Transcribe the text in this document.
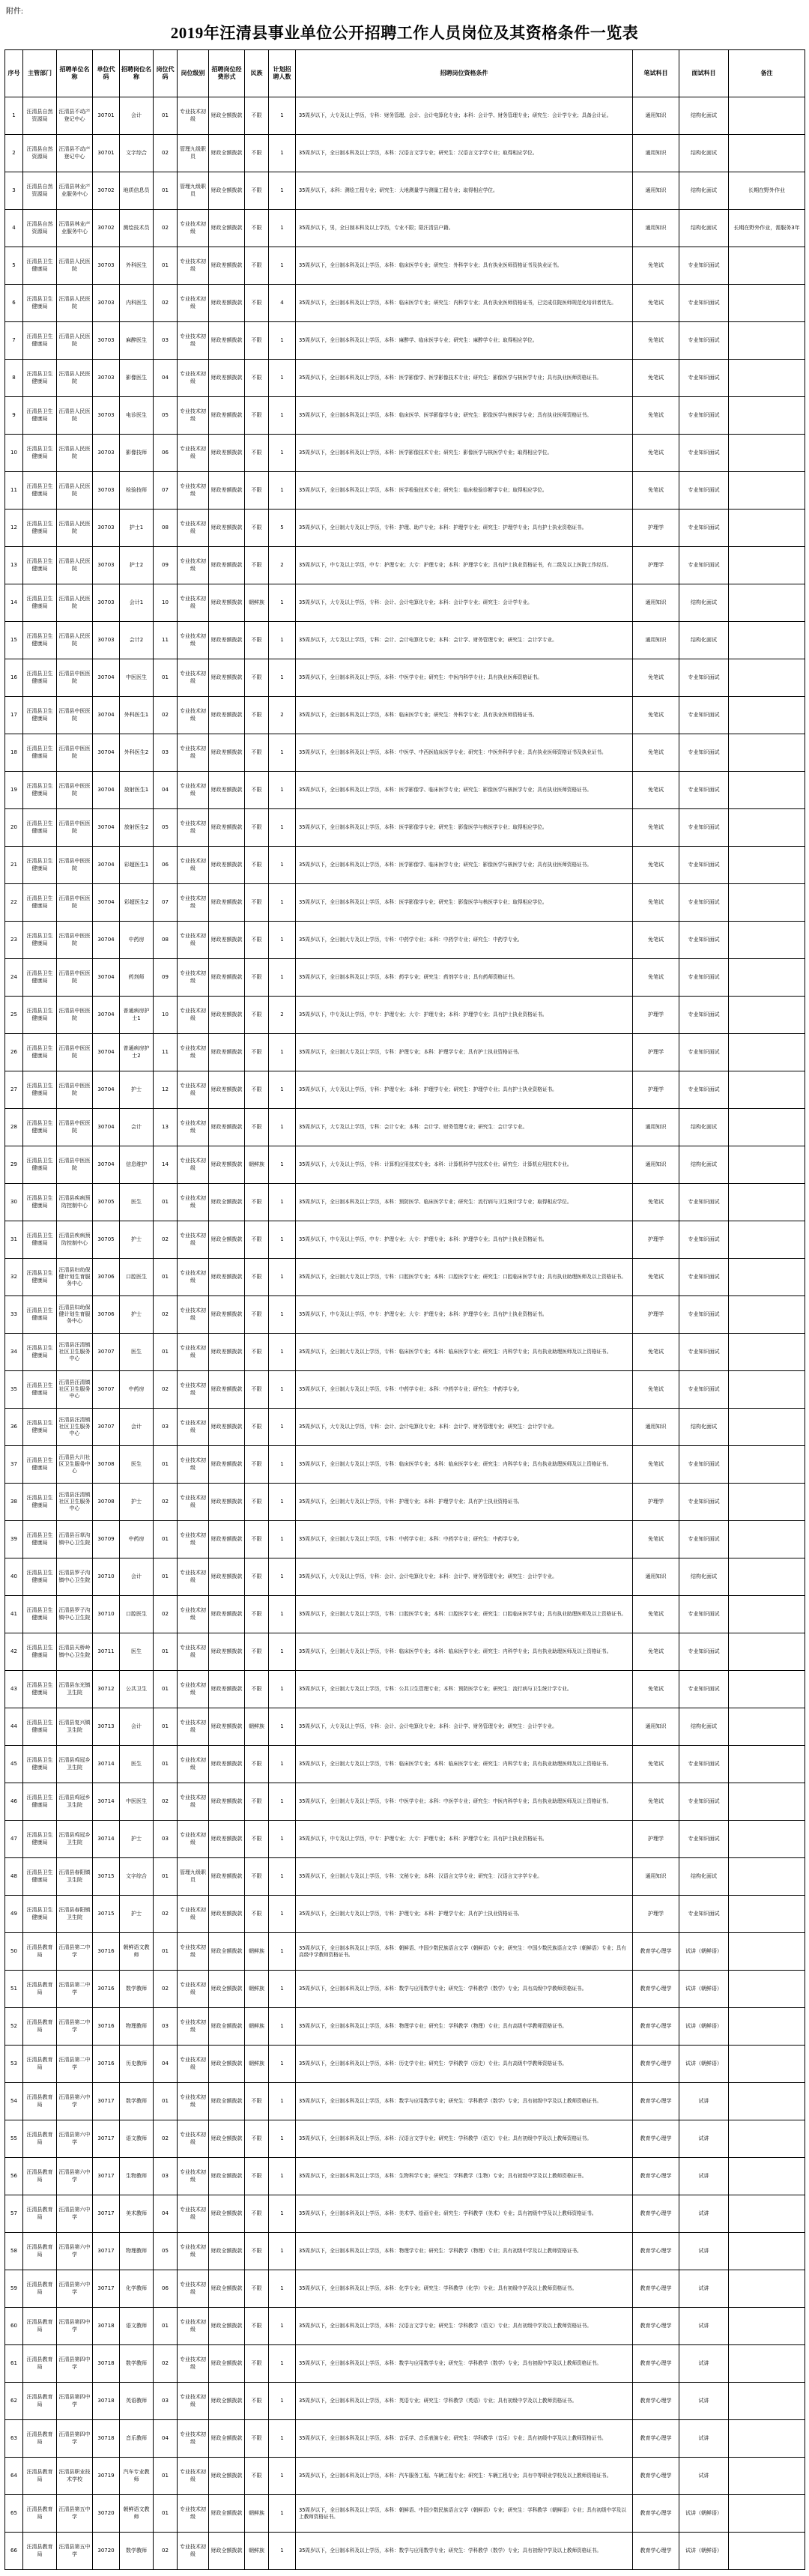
附件:
2019年汪清县事业单位公开招聘工作人员岗位及其资格条件一览表
序号	主管部门	招聘单位名称	单位代码	招聘岗位名称	岗位代码	岗位级别	招聘岗位经费形式	民族	计划招聘人数	招聘岗位资格条件	笔试科目	面试科目	备注
1	汪清县自然资源局	汪清县不动产登记中心	30701	会计	01	专业技术初级	财政全额拨款	不限	1	35周岁以下，大专及以上学历，专科：财务管理、会计、会计电算化专业；本科：会计学、财务管理专业；研究生：会计学专业；具备会计证。	通用知识	结构化面试	
2	汪清县自然资源局	汪清县不动产登记中心	30701	文字综合	02	管理九级职员	财政全额拨款	不限	1	35周岁以下，全日制本科及以上学历，本科：汉语言文学专业；研究生：汉语言文字学专业；取得相应学位。	通用知识	结构化面试	
3	汪清县自然资源局	汪清县林业产业服务中心	30702	地质信息员	01	管理九级职员	财政全额拨款	不限	1	35周岁以下，本科：测绘工程专业；研究生：大地测量学与测量工程专业；取得相应学位。	通用知识	结构化面试	长期在野外作业
4	汪清县自然资源局	汪清县林业产业服务中心	30702	测绘技术员	02	专业技术初级	财政全额拨款	不限	1	35周岁以下，男，全日制本科及以上学历，专业不限；限汪清县户籍。	通用知识	结构化面试	长期在野外作业，需服务3年
5	汪清县卫生健康局	汪清县人民医院	30703	外科医生	01	专业技术初级	财政差额拨款	不限	1	35周岁以下，全日制本科及以上学历，本科：临床医学专业；研究生：外科学专业；具有执业医师资格证书及执业证书。	免笔试	专业知识面试	
6	汪清县卫生健康局	汪清县人民医院	30703	内科医生	02	专业技术初级	财政差额拨款	不限	4	35周岁以下，全日制本科及以上学历，本科：临床医学专业；研究生：内科学专业；具有执业医师资格证书，已完成住院医师规范化培训者优先。	免笔试	专业知识面试	
7	汪清县卫生健康局	汪清县人民医院	30703	麻醉医生	03	专业技术初级	财政差额拨款	不限	1	35周岁以下，全日制本科及以上学历，本科：麻醉学、临床医学专业；研究生：麻醉学专业；取得相应学位。	免笔试	专业知识面试	
8	汪清县卫生健康局	汪清县人民医院	30703	影像医生	04	专业技术初级	财政差额拨款	不限	1	35周岁以下，全日制本科及以上学历，本科：医学影像学、医学影像技术专业；研究生：影像医学与核医学专业；具有执业医师资格证书。	免笔试	专业知识面试	
9	汪清县卫生健康局	汪清县人民医院	30703	电诊医生	05	专业技术初级	财政差额拨款	不限	1	35周岁以下，全日制本科及以上学历，本科：临床医学、医学影像学专业；研究生：影像医学与核医学专业；具有执业医师资格证书。	免笔试	专业知识面试	
10	汪清县卫生健康局	汪清县人民医院	30703	影像技师	06	专业技术初级	财政差额拨款	不限	1	35周岁以下，全日制本科及以上学历，本科：医学影像技术专业；研究生：影像医学与核医学专业；取得相应学位。	免笔试	专业知识面试	
11	汪清县卫生健康局	汪清县人民医院	30703	检验技师	07	专业技术初级	财政差额拨款	不限	1	35周岁以下，全日制本科及以上学历，本科：医学检验技术专业；研究生：临床检验诊断学专业；取得相应学位。	免笔试	专业知识面试	
12	汪清县卫生健康局	汪清县人民医院	30703	护士1	08	专业技术初级	财政差额拨款	不限	5	35周岁以下，全日制大专及以上学历，专科：护理、助产专业；本科：护理学专业；研究生：护理学专业；具有护士执业资格证书。	护理学	专业知识面试	
13	汪清县卫生健康局	汪清县人民医院	30703	护士2	09	专业技术初级	财政差额拨款	不限	2	35周岁以下，中专及以上学历，中专：护理专业；大专：护理专业；本科：护理学专业；具有护士执业资格证书，有二级及以上医院工作经历。	护理学	专业知识面试	
14	汪清县卫生健康局	汪清县人民医院	30703	会计1	10	专业技术初级	财政差额拨款	朝鲜族	1	35周岁以下，大专及以上学历，专科：会计、会计电算化专业；本科：会计学专业；研究生：会计学专业。	通用知识	结构化面试	
15	汪清县卫生健康局	汪清县人民医院	30703	会计2	11	专业技术初级	财政差额拨款	不限	1	35周岁以下，大专及以上学历，专科：会计、会计电算化专业；本科：会计学、财务管理专业；研究生：会计学专业。	通用知识	结构化面试	
16	汪清县卫生健康局	汪清县中医医院	30704	中医医生	01	专业技术初级	财政差额拨款	不限	1	35周岁以下，全日制本科及以上学历，本科：中医学专业；研究生：中医内科学专业；具有执业医师资格证书。	免笔试	专业知识面试	
17	汪清县卫生健康局	汪清县中医医院	30704	外科医生1	02	专业技术初级	财政差额拨款	不限	2	35周岁以下，全日制本科及以上学历，本科：临床医学专业；研究生：外科学专业；具有执业医师资格证书。	免笔试	专业知识面试	
18	汪清县卫生健康局	汪清县中医医院	30704	外科医生2	03	专业技术初级	财政差额拨款	不限	1	35周岁以下，全日制本科及以上学历，本科：中医学、中西医临床医学专业；研究生：中医外科学专业；具有执业医师资格证书及执业证书。	免笔试	专业知识面试	
19	汪清县卫生健康局	汪清县中医医院	30704	放射医生1	04	专业技术初级	财政差额拨款	不限	1	35周岁以下，全日制本科及以上学历，本科：医学影像学、临床医学专业；研究生：影像医学与核医学专业；具有执业医师资格证书。	免笔试	专业知识面试	
20	汪清县卫生健康局	汪清县中医医院	30704	放射医生2	05	专业技术初级	财政差额拨款	不限	1	35周岁以下，全日制本科及以上学历，本科：医学影像学专业；研究生：影像医学与核医学专业；取得相应学位。	免笔试	专业知识面试	
21	汪清县卫生健康局	汪清县中医医院	30704	彩超医生1	06	专业技术初级	财政差额拨款	不限	1	35周岁以下，全日制本科及以上学历，本科：医学影像学、临床医学专业；研究生：影像医学与核医学专业；具有执业医师资格证书。	免笔试	专业知识面试	
22	汪清县卫生健康局	汪清县中医医院	30704	彩超医生2	07	专业技术初级	财政差额拨款	不限	1	35周岁以下，全日制本科及以上学历，本科：医学影像学专业；研究生：影像医学与核医学专业；取得相应学位。	免笔试	专业知识面试	
23	汪清县卫生健康局	汪清县中医医院	30704	中药房	08	专业技术初级	财政差额拨款	不限	1	35周岁以下，全日制大专及以上学历，专科：中药学专业；本科：中药学专业；研究生：中药学专业。	免笔试	专业知识面试	
24	汪清县卫生健康局	汪清县中医医院	30704	药剂师	09	专业技术初级	财政差额拨款	不限	1	35周岁以下，全日制本科及以上学历，本科：药学专业；研究生：药剂学专业；具有药师资格证书。	免笔试	专业知识面试	
25	汪清县卫生健康局	汪清县中医医院	30704	普通病房护士1	10	专业技术初级	财政差额拨款	不限	2	35周岁以下，中专及以上学历，中专：护理专业；大专：护理专业；本科：护理学专业；具有护士执业资格证书。	护理学	专业知识面试	
26	汪清县卫生健康局	汪清县中医医院	30704	普通病房护士2	11	专业技术初级	财政差额拨款	不限	1	35周岁以下，全日制大专及以上学历，专科：护理专业；本科：护理学专业；具有护士执业资格证书。	护理学	专业知识面试	
27	汪清县卫生健康局	汪清县中医医院	30704	护士	12	专业技术初级	财政差额拨款	不限	1	35周岁以下，大专及以上学历，专科：护理专业；本科：护理学专业；研究生：护理学专业；具有护士执业资格证书。	护理学	专业知识面试	
28	汪清县卫生健康局	汪清县中医医院	30704	会计	13	专业技术初级	财政差额拨款	不限	1	35周岁以下，大专及以上学历，专科：会计专业；本科：会计学、财务管理专业；研究生：会计学专业。	通用知识	结构化面试	
29	汪清县卫生健康局	汪清县中医医院	30704	信息维护	14	专业技术初级	财政差额拨款	朝鲜族	1	35周岁以下，大专及以上学历，专科：计算机应用技术专业；本科：计算机科学与技术专业；研究生：计算机应用技术专业。	通用知识	结构化面试	
30	汪清县卫生健康局	汪清县疾病预防控制中心	30705	医生	01	专业技术初级	财政全额拨款	不限	1	35周岁以下，全日制本科及以上学历，本科：预防医学、临床医学专业；研究生：流行病与卫生统计学专业；取得相应学位。	免笔试	专业知识面试	
31	汪清县卫生健康局	汪清县疾病预防控制中心	30705	护士	02	专业技术初级	财政全额拨款	不限	1	35周岁以下，中专及以上学历，中专：护理专业；大专：护理专业；本科：护理学专业；具有护士执业资格证书。	护理学	专业知识面试	
32	汪清县卫生健康局	汪清县妇幼保健计划生育服务中心	30706	口腔医生	01	专业技术初级	财政差额拨款	不限	1	35周岁以下，全日制大专及以上学历，专科：口腔医学专业；本科：口腔医学专业；研究生：口腔临床医学专业；具有执业助理医师及以上资格证书。	免笔试	专业知识面试	
33	汪清县卫生健康局	汪清县妇幼保健计划生育服务中心	30706	护士	02	专业技术初级	财政差额拨款	不限	1	35周岁以下，中专及以上学历，中专：护理专业；大专：护理专业；本科：护理学专业；具有护士执业资格证书。	护理学	专业知识面试	
34	汪清县卫生健康局	汪清县汪清镇社区卫生服务中心	30707	医生	01	专业技术初级	财政差额拨款	不限	1	35周岁以下，全日制大专及以上学历，专科：临床医学专业；本科：临床医学专业；研究生：内科学专业；具有执业助理医师及以上资格证书。	免笔试	专业知识面试	
35	汪清县卫生健康局	汪清县汪清镇社区卫生服务中心	30707	中药房	02	专业技术初级	财政差额拨款	不限	1	35周岁以下，全日制大专及以上学历，专科：中药学专业；本科：中药学专业；研究生：中药学专业。	免笔试	专业知识面试	
36	汪清县卫生健康局	汪清县汪清镇社区卫生服务中心	30707	会计	03	专业技术初级	财政差额拨款	不限	1	35周岁以下，大专及以上学历，专科：会计、会计电算化专业；本科：会计学、财务管理专业；研究生：会计学专业。	通用知识	结构化面试	
37	汪清县卫生健康局	汪清县大川社区卫生服务中心	30708	医生	01	专业技术初级	财政差额拨款	不限	1	35周岁以下，全日制大专及以上学历，专科：临床医学专业；本科：临床医学专业；研究生：内科学专业；具有执业助理医师及以上资格证书。	免笔试	专业知识面试	
38	汪清县卫生健康局	汪清县汪清镇社区卫生服务中心	30708	护士	02	专业技术初级	财政差额拨款	不限	1	35周岁以下，全日制大专及以上学历，专科：护理专业；本科：护理学专业；具有护士执业资格证书。	护理学	专业知识面试	
39	汪清县卫生健康局	汪清县百草沟镇中心卫生院	30709	中药房	01	专业技术初级	财政差额拨款	不限	1	35周岁以下，全日制大专及以上学历，专科：中药学专业；本科：中药学专业；研究生：中药学专业。	免笔试	专业知识面试	
40	汪清县卫生健康局	汪清县罗子沟镇中心卫生院	30710	会计	01	专业技术初级	财政差额拨款	不限	1	35周岁以下，大专及以上学历，专科：会计、会计电算化专业；本科：会计学、财务管理专业；研究生：会计学专业。	通用知识	结构化面试	
41	汪清县卫生健康局	汪清县罗子沟镇中心卫生院	30710	口腔医生	02	专业技术初级	财政差额拨款	不限	1	35周岁以下，全日制大专及以上学历，专科：口腔医学专业；本科：口腔医学专业；研究生：口腔临床医学专业；具有执业助理医师及以上资格证书。	免笔试	专业知识面试	
42	汪清县卫生健康局	汪清县天桥岭镇中心卫生院	30711	医生	01	专业技术初级	财政差额拨款	不限	1	35周岁以下，全日制大专及以上学历，专科：临床医学专业；本科：临床医学专业；研究生：内科学专业；具有执业助理医师及以上资格证书。	免笔试	专业知识面试	
43	汪清县卫生健康局	汪清县东光镇卫生院	30712	公共卫生	01	专业技术初级	财政差额拨款	不限	1	35周岁以下，全日制大专及以上学历，专科：公共卫生管理专业；本科：预防医学专业；研究生：流行病与卫生统计学专业。	免笔试	专业知识面试	
44	汪清县卫生健康局	汪清县复兴镇卫生院	30713	会计	01	专业技术初级	财政差额拨款	朝鲜族	1	35周岁以下，大专及以上学历，专科：会计、会计电算化专业；本科：会计学、财务管理专业；研究生：会计学专业。	通用知识	结构化面试	
45	汪清县卫生健康局	汪清县鸡冠乡卫生院	30714	医生	01	专业技术初级	财政差额拨款	不限	1	35周岁以下，全日制大专及以上学历，专科：临床医学专业；本科：临床医学专业；研究生：内科学专业；具有执业助理医师及以上资格证书。	免笔试	专业知识面试	
46	汪清县卫生健康局	汪清县鸡冠乡卫生院	30714	中医医生	02	专业技术初级	财政差额拨款	不限	1	35周岁以下，全日制大专及以上学历，专科：中医学专业；本科：中医学专业；研究生：中医内科学专业；具有执业助理医师及以上资格证书。	免笔试	专业知识面试	
47	汪清县卫生健康局	汪清县鸡冠乡卫生院	30714	护士	03	专业技术初级	财政差额拨款	不限	1	35周岁以下，中专及以上学历，中专：护理专业；大专：护理专业；本科：护理学专业；具有护士执业资格证书。	护理学	专业知识面试	
48	汪清县卫生健康局	汪清县春阳镇卫生院	30715	文字综合	01	管理九级职员	财政差额拨款	不限	1	35周岁以下，全日制大专及以上学历，专科：文秘专业；本科：汉语言文学专业；研究生：汉语言文字学专业。	通用知识	结构化面试	
49	汪清县卫生健康局	汪清县春阳镇卫生院	30715	护士	02	专业技术初级	财政差额拨款	不限	1	35周岁以下，全日制大专及以上学历，专科：护理专业；本科：护理学专业；具有护士执业资格证书。	护理学	专业知识面试	
50	汪清县教育局	汪清县第二中学	30716	朝鲜语文教师	01	专业技术初级	财政全额拨款	朝鲜族	1	35周岁以下，全日制本科及以上学历，本科：朝鲜语、中国少数民族语言文学（朝鲜语）专业；研究生：中国少数民族语言文学（朝鲜语）专业；具有高级中学教师资格证书。	教育学心理学	试讲（朝鲜语）	
51	汪清县教育局	汪清县第二中学	30716	数学教师	02	专业技术初级	财政全额拨款	朝鲜族	1	35周岁以下，全日制本科及以上学历，本科：数学与应用数学专业；研究生：学科教学（数学）专业；具有高级中学教师资格证书。	教育学心理学	试讲（朝鲜语）	
52	汪清县教育局	汪清县第二中学	30716	物理教师	03	专业技术初级	财政全额拨款	朝鲜族	1	35周岁以下，全日制本科及以上学历，本科：物理学专业；研究生：学科教学（物理）专业；具有高级中学教师资格证书。	教育学心理学	试讲（朝鲜语）	
53	汪清县教育局	汪清县第二中学	30716	历史教师	04	专业技术初级	财政全额拨款	朝鲜族	1	35周岁以下，全日制本科及以上学历，本科：历史学专业；研究生：学科教学（历史）专业；具有高级中学教师资格证书。	教育学心理学	试讲（朝鲜语）	
54	汪清县教育局	汪清县第六中学	30717	数学教师	01	专业技术初级	财政全额拨款	不限	1	35周岁以下，全日制本科及以上学历，本科：数学与应用数学专业；研究生：学科教学（数学）专业；具有初级中学及以上教师资格证书。	教育学心理学	试讲	
55	汪清县教育局	汪清县第六中学	30717	语文教师	02	专业技术初级	财政全额拨款	不限	1	35周岁以下，全日制本科及以上学历，本科：汉语言文学专业；研究生：学科教学（语文）专业；具有初级中学及以上教师资格证书。	教育学心理学	试讲	
56	汪清县教育局	汪清县第六中学	30717	生物教师	03	专业技术初级	财政全额拨款	不限	1	35周岁以下，全日制本科及以上学历，本科：生物科学专业；研究生：学科教学（生物）专业；具有初级中学及以上教师资格证书。	教育学心理学	试讲	
57	汪清县教育局	汪清县第六中学	30717	美术教师	04	专业技术初级	财政全额拨款	不限	1	35周岁以下，全日制本科及以上学历，本科：美术学、绘画专业；研究生：学科教学（美术）专业；具有初级中学及以上教师资格证书。	教育学心理学	试讲	
58	汪清县教育局	汪清县第六中学	30717	物理教师	05	专业技术初级	财政全额拨款	不限	1	35周岁以下，全日制本科及以上学历，本科：物理学专业；研究生：学科教学（物理）专业；具有初级中学及以上教师资格证书。	教育学心理学	试讲	
59	汪清县教育局	汪清县第六中学	30717	化学教师	06	专业技术初级	财政全额拨款	不限	1	35周岁以下，全日制本科及以上学历，本科：化学专业；研究生：学科教学（化学）专业；具有初级中学及以上教师资格证书。	教育学心理学	试讲	
60	汪清县教育局	汪清县第四中学	30718	语文教师	01	专业技术初级	财政全额拨款	不限	1	35周岁以下，全日制本科及以上学历，本科：汉语言文学专业；研究生：学科教学（语文）专业；具有初级中学及以上教师资格证书。	教育学心理学	试讲	
61	汪清县教育局	汪清县第四中学	30718	数学教师	02	专业技术初级	财政全额拨款	不限	1	35周岁以下，全日制本科及以上学历，本科：数学与应用数学专业；研究生：学科教学（数学）专业；具有初级中学及以上教师资格证书。	教育学心理学	试讲	
62	汪清县教育局	汪清县第四中学	30718	英语教师	03	专业技术初级	财政全额拨款	不限	1	35周岁以下，全日制本科及以上学历，本科：英语专业；研究生：学科教学（英语）专业；具有初级中学及以上教师资格证书。	教育学心理学	试讲	
63	汪清县教育局	汪清县第四中学	30718	音乐教师	04	专业技术初级	财政全额拨款	不限	1	35周岁以下，全日制本科及以上学历，本科：音乐学、音乐表演专业；研究生：学科教学（音乐）专业；具有初级中学及以上教师资格证书。	教育学心理学	试讲	
64	汪清县教育局	汪清县职业技术学校	30719	汽车专业教师	01	专业技术初级	财政全额拨款	不限	1	35周岁以下，全日制本科及以上学历，本科：汽车服务工程、车辆工程专业；研究生：车辆工程专业；具有中等职业学校及以上教师资格证书。	教育学心理学	试讲	
65	汪清县教育局	汪清县第五中学	30720	朝鲜语文教师	01	专业技术初级	财政全额拨款	朝鲜族	1	35周岁以下，全日制本科及以上学历，本科：朝鲜语、中国少数民族语言文学（朝鲜语）专业；研究生：学科教学（朝鲜语）专业；具有初级中学及以上教师资格证书。	教育学心理学	试讲（朝鲜语）	
66	汪清县教育局	汪清县第五中学	30720	数学教师	02	专业技术初级	财政全额拨款	朝鲜族	1	35周岁以下，全日制本科及以上学历，本科：数学与应用数学专业；研究生：学科教学（数学）专业；具有初级中学及以上教师资格证书。	教育学心理学	试讲（朝鲜语）	
